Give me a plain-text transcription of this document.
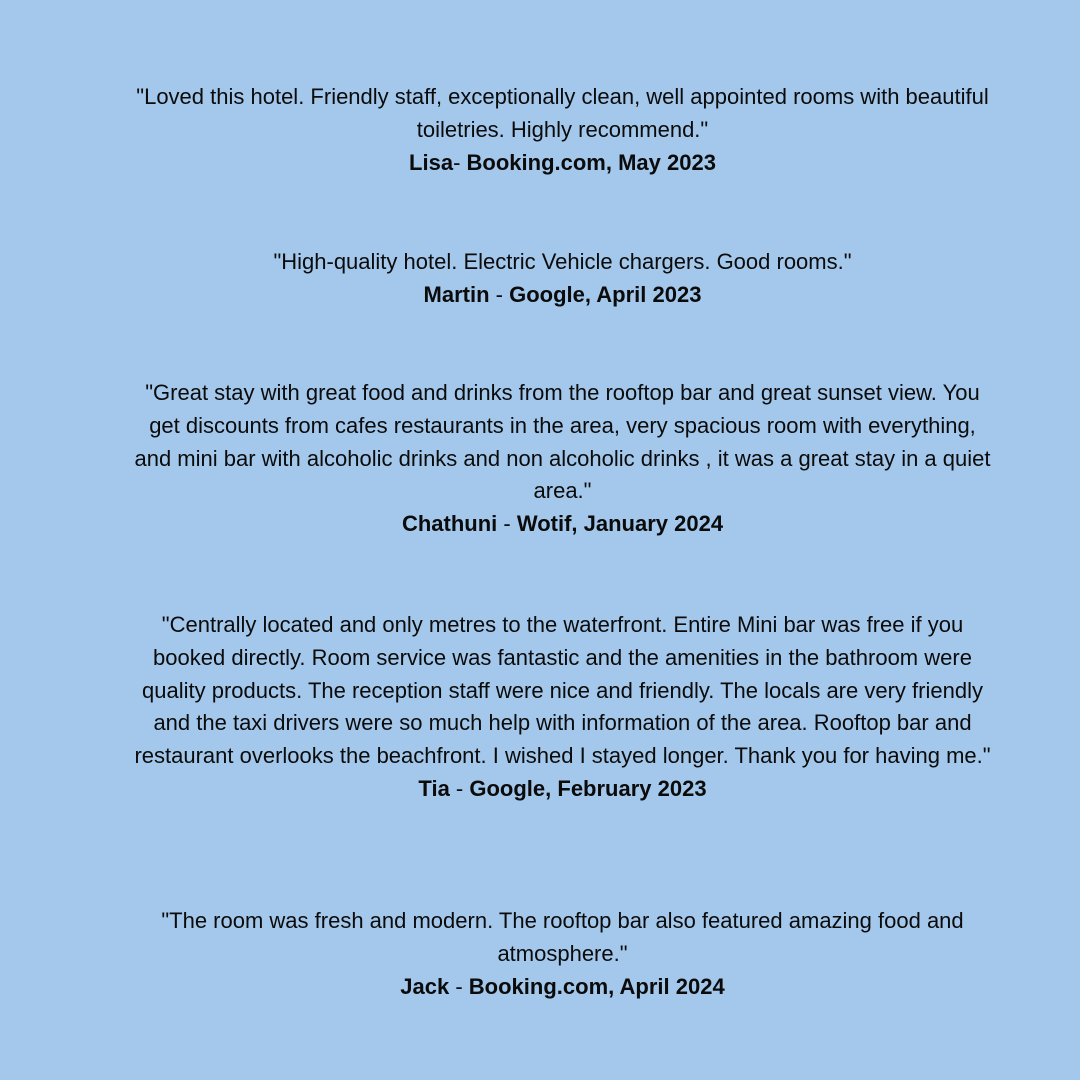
"Loved this hotel. Friendly staff, exceptionally clean, well appointed rooms with beautiful toiletries. Highly recommend."

Lisa- Booking.com, May 2023

"High-quality hotel. Electric Vehicle chargers. Good rooms."

Martin - Google, April 2023

"Great stay with great food and drinks from the rooftop bar and great sunset view. You get discounts from cafes restaurants in the area, very spacious room with everything, and mini bar with alcoholic drinks and non alcoholic drinks , it was a great stay in a quiet area."

Chathuni - Wotif, January 2024

"Centrally located and only metres to the waterfront. Entire Mini bar was free if you booked directly. Room service was fantastic and the amenities in the bathroom were quality products. The reception staff were nice and friendly. The locals are very friendly and the taxi drivers were so much help with information of the area. Rooftop bar and restaurant overlooks the beachfront. I wished I stayed longer. Thank you for having me."

Tia - Google, February 2023

"The room was fresh and modern. The rooftop bar also featured amazing food and atmosphere."

Jack - Booking.com, April 2024
